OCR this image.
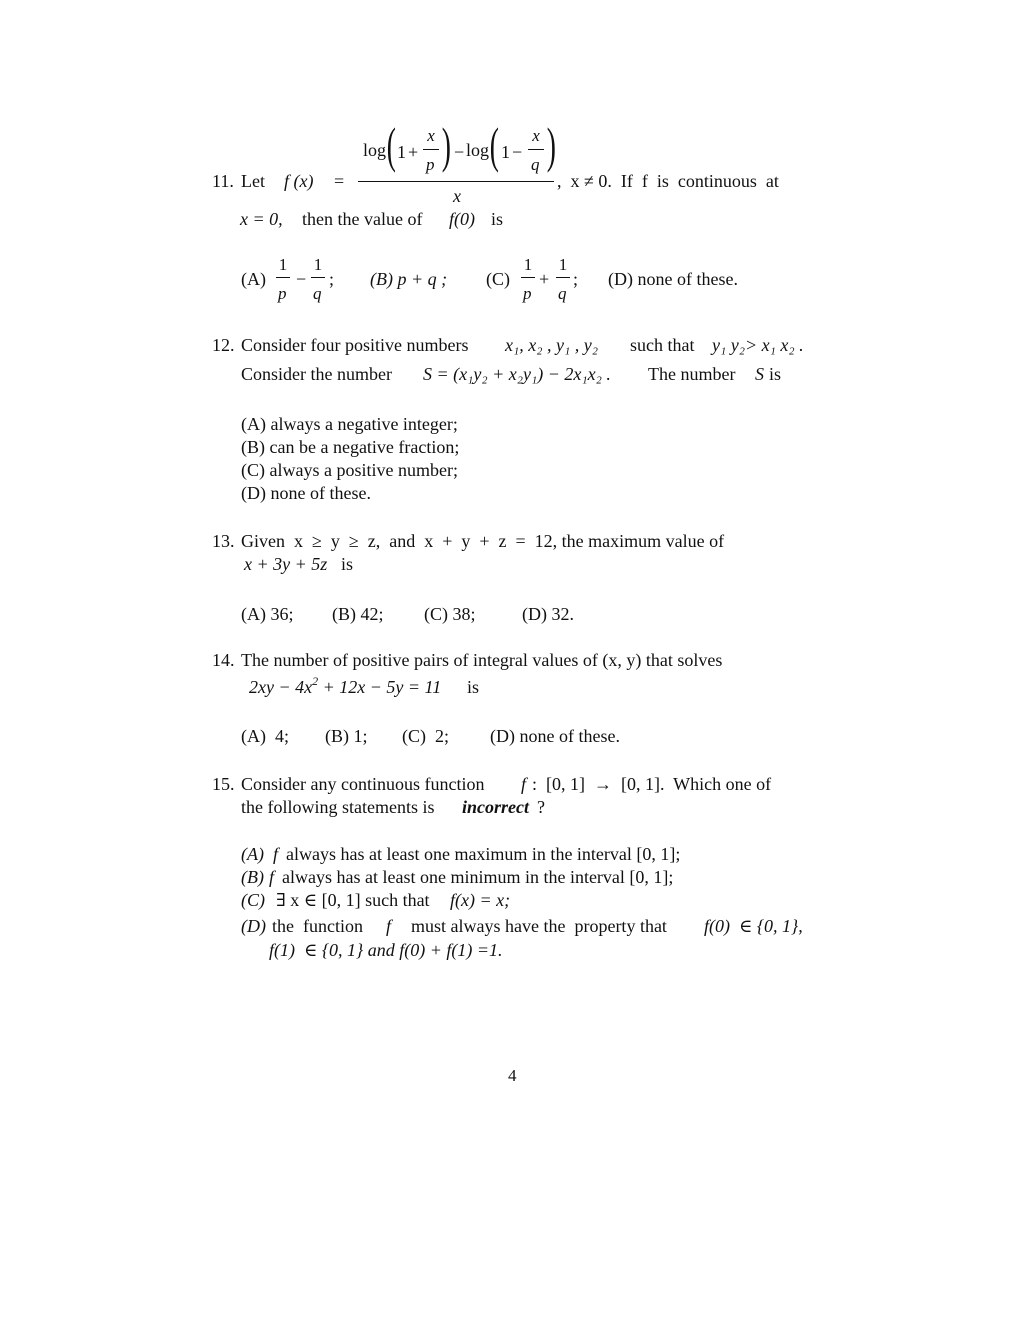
log ( 1 +
x
p ) − log ( 1 −
x
q )
x
11. Let f (x) =	,  x ≠ 0.  If  f  is  continuous  at
x = 0, then the value of f(0) is
(A)
1
p
−
1
q
; (B) p + q ; (C)
1
p
+
1
q
; (D) none of these.
12. Consider four positive numbers x₁, x₂ , y₁ , y₂ such that y₁ y₂> x₁ x₂ .
Consider the number S = (x₁y₂ + x₂y₁) − 2x₁x₂ . The number S is
(A) always a negative integer;
(B) can be a negative fraction;
(C) always a positive number;
(D) none of these.
13. Given  x  ≥  y  ≥  z,  and  x  +  y  +  z  =  12, the maximum value of
x + 3y + 5z is
(A) 36; (B) 42; (C) 38;	(D) 32.
14. The number of positive pairs of integral values of (x, y) that solves
$2xy - 4x^2 + 12x - 5y = 11$ is
(A)  4; (B) 1; (C)  2; (D) none of these.
15. Consider any continuous function f :  [0, 1]  →  [0, 1].  Which one of
the following statements is incorrect ?
(A) f always has at least one maximum in the interval [0, 1];
(B) f always has at least one minimum in the interval [0, 1];
(C) ∃ x ∈ [0, 1] such that f(x) = x;
(D) the  function f must always have the  property that f(0)  ∈ {0, 1},
f(1)  ∈ {0, 1} and f(0) + f(1) =1.
4
